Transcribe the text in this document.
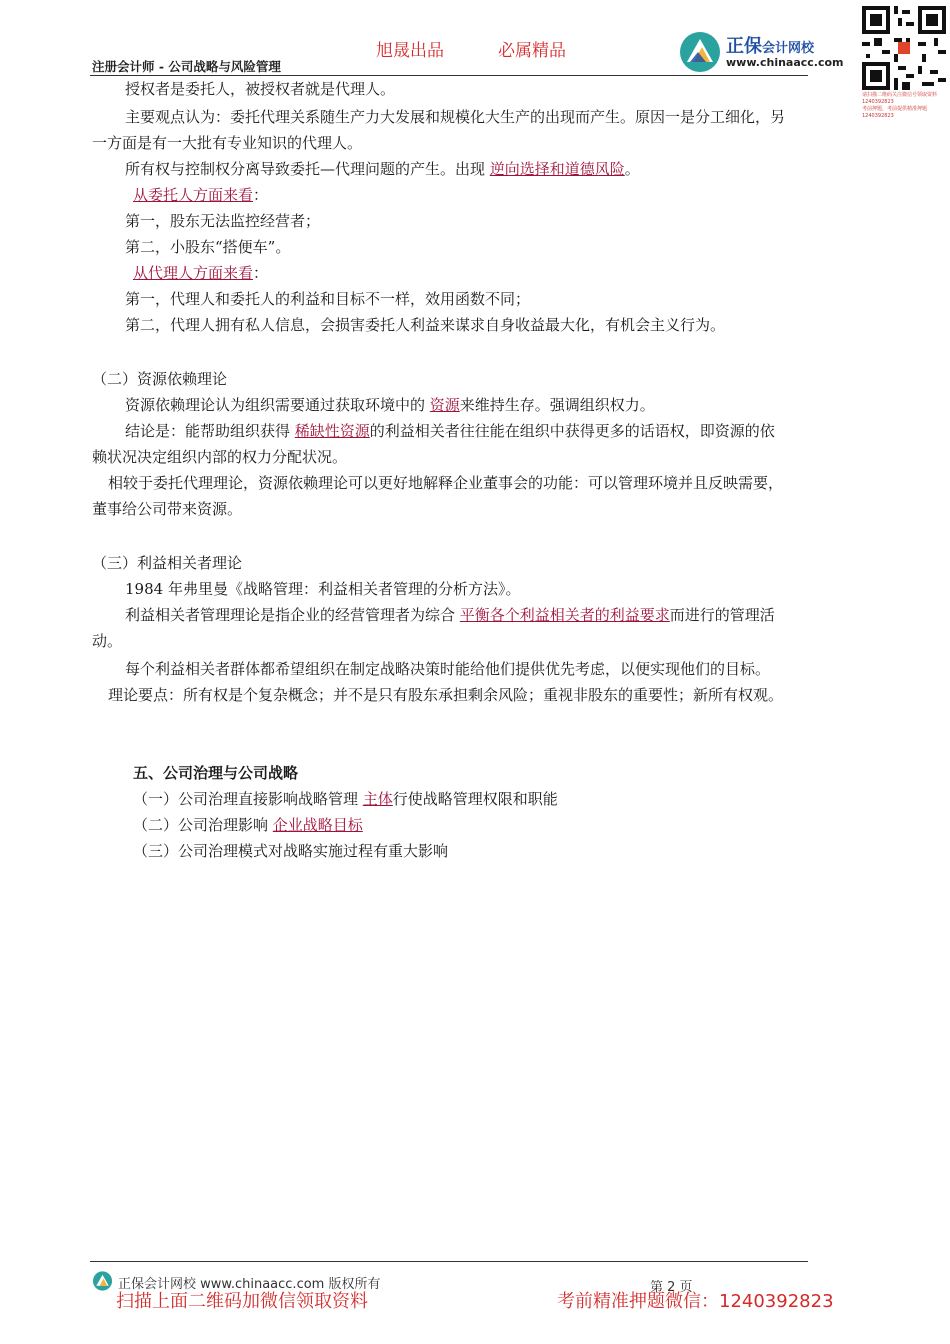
旭晟出品	必属精品
注册会计师 - 公司战略与风险管理
正保会计网校
www.chinaacc.com
请扫描二维码关注微信号领取资料 1240392823
考前押题，考前提供精准押题 1240392823
授权者是委托人，被授权者就是代理人。
主要观点认为：委托代理关系随生产力大发展和规模化大生产的出现而产生。原因一是分工细化，另
一方面是有一大批有专业知识的代理人。
所有权与控制权分离导致委托—代理问题的产生。出现 逆向选择和道德风险。
从委托人方面来看：
第一，股东无法监控经营者；
第二，小股东“搭便车”。
从代理人方面来看：
第一，代理人和委托人的利益和目标不一样，效用函数不同；
第二，代理人拥有私人信息，会损害委托人利益来谋求自身收益最大化，有机会主义行为。
（二）资源依赖理论
资源依赖理论认为组织需要通过获取环境中的 资源来维持生存。强调组织权力。
结论是：能帮助组织获得 稀缺性资源的利益相关者往往能在组织中获得更多的话语权，即资源的依
赖状况决定组织内部的权力分配状况。
相较于委托代理理论，资源依赖理论可以更好地解释企业董事会的功能：可以管理环境并且反映需要，
董事给公司带来资源。
（三）利益相关者理论
1984 年弗里曼《战略管理：利益相关者管理的分析方法》。
利益相关者管理理论是指企业的经营管理者为综合 平衡各个利益相关者的利益要求而进行的管理活
动。
每个利益相关者群体都希望组织在制定战略决策时能给他们提供优先考虑，以便实现他们的目标。
理论要点：所有权是个复杂概念；并不是只有股东承担剩余风险；重视非股东的重要性；新所有权观。
五、公司治理与公司战略
（一）公司治理直接影响战略管理 主体行使战略管理权限和职能
（二）公司治理影响 企业战略目标
（三）公司治理模式对战略实施过程有重大影响
正保会计网校 www.chinaacc.com 版权所有	第 2 页
扫描上面二维码加微信领取资料	考前精准押题微信：1240392823
